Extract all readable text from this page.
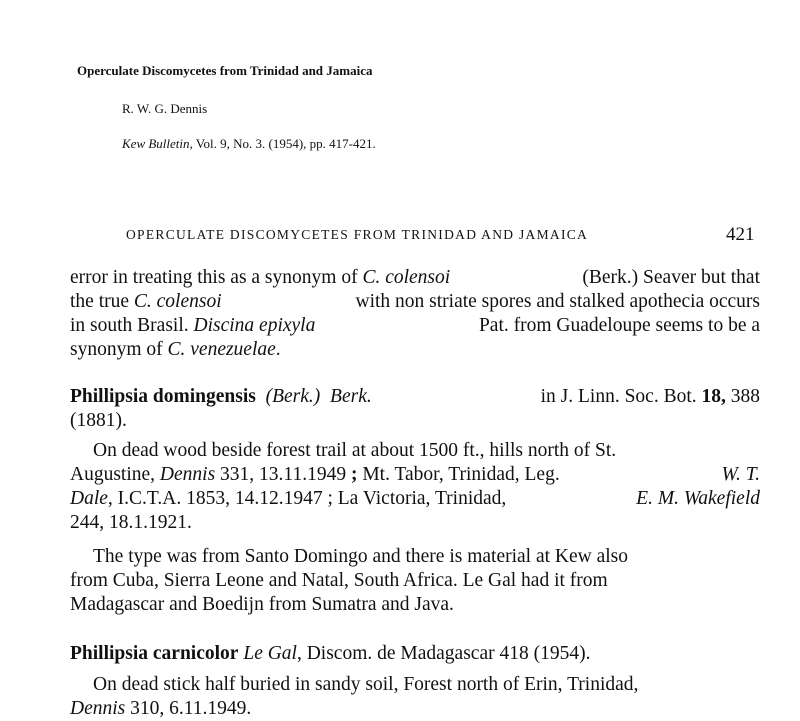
Operculate Discomycetes from Trinidad and Jamaica
R. W. G. Dennis
Kew Bulletin, Vol. 9, No. 3. (1954), pp. 417-421.
OPERCULATE DISCOMYCETES FROM TRINIDAD AND JAMAICA	421
error in treating this as a synonym of C. colensoi	(Berk.) Seaver but that
the true C. colensoi	with non striate spores and stalked apothecia occurs
in south Brasil. Discina epixyla	Pat. from Guadeloupe seems to be a
synonym of C. venezuelae.
Phillipsia domingensis (Berk.) Berk.	in J. Linn. Soc. Bot. 18, 388
(1881).
On dead wood beside forest trail at about 1500 ft., hills north of St.
Augustine, Dennis 331, 13.11.1949 ; Mt. Tabor, Trinidad, Leg.	W. T.
Dale, I.C.T.A. 1853, 14.12.1947 ; La Victoria, Trinidad,	E. M. Wakefield
244, 18.1.1921.
The type was from Santo Domingo and there is material at Kew also
from Cuba, Sierra Leone and Natal, South Africa. Le Gal had it from
Madagascar and Boedijn from Sumatra and Java.
Phillipsia carnicolor Le Gal, Discom. de Madagascar 418 (1954).
On dead stick half buried in sandy soil, Forest north of Erin, Trinidad,
Dennis 310, 6.11.1949.
